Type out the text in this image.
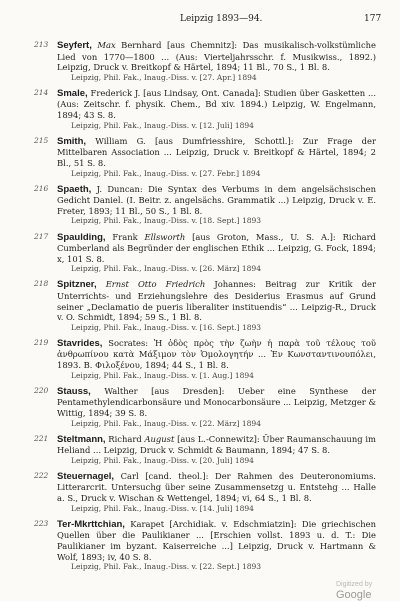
Leipzig 1893—94.	177
213 Seyfert, Max Bernhard [aus Chemnitz]: Das musikalisch-volkstümliche Lied von 1770—1800 ... (Aus: Vierteljahrsschr. f. Musikwiss., 1892.) Leipzig, Druck v. Breitkopf & Härtel, 1894; 11 Bl., 70 S., 1 Bl. 8.
Leipzig, Phil. Fak., Inaug.-Diss. v. [27. Apr.] 1894
214 Smale, Frederick J. [aus Lindsay, Ont. Canada]: Studien über Gasketten ... (Aus: Zeitschr. f. physik. Chem., Bd xiv. 1894.) Leipzig, W. Engelmann, 1894; 43 S. 8.
Leipzig, Phil. Fak., Inaug.-Diss. v. [12. Juli] 1894
215 Smith, William G. [aus Dumfriesshire, Schottl.]: Zur Frage der Mittelbaren Association ... Leipzig, Druck v. Breitkopf & Härtel, 1894; 2 Bl., 51 S. 8.
Leipzig, Phil. Fak., Inaug.-Diss. v. [27. Febr.] 1894
216 Spaeth, J. Duncan: Die Syntax des Verbums in dem angelsächsischen Gedicht Daniel. (I. Beitr. z. angelsächs. Grammatik ...) Leipzig, Druck v. E. Freter, 1893; 11 Bl., 50 S., 1 Bl. 8.
Leipzig, Phil. Fak., Inaug.-Diss. v. [18. Sept.] 1893
217 Spaulding, Frank Ellsworth [aus Groton, Mass., U. S. A.]: Richard Cumberland als Begründer der englischen Ethik ... Leipzig, G. Fock, 1894; x, 101 S. 8.
Leipzig, Phil. Fak., Inaug.-Diss. v. [26. März] 1894
218 Spitzner, Ernst Otto Friedrich Johannes: Beitrag zur Kritik der Unterrichts- und Erziehungslehre des Desiderius Erasmus auf Grund seiner „Declamatio de pueris liberaliter instituendis“ ... Leipzig-R., Druck v. O. Schmidt, 1894; 59 S., 1 Bl. 8.
Leipzig, Phil. Fak., Inaug.-Diss. v. [16. Sept.] 1893
219 Stavrides, Socrates: Ἡ ὁδὸς πρὸς τὴν ζωὴν ἡ παρὰ τοῦ τέλους τοῦ ἀνθρωπίνου κατὰ Μάξιμον τὸν Ὁμολογητήν ... Ἐν Κωνσταντινουπόλει, 1893. Β. Φιλοξένου, 1894; 44 S., 1 Bl. 8.
Leipzig, Phil. Fak., Inaug.-Diss. v. [1. Aug.] 1894
220 Stauss, Walther [aus Dresden]: Ueber eine Synthese der Pentamethylendicarbonsäure und Monocarbonsäure ... Leipzig, Metzger & Wittig, 1894; 39 S. 8.
Leipzig, Phil. Fak., Inaug.-Diss. v. [22. März] 1894
221 Steltmann, Richard August [aus L.-Connewitz]: Über Raumanschauung im Heliand ... Leipzig, Druck v. Schmidt & Baumann, 1894; 47 S. 8.
Leipzig, Phil. Fak., Inaug.-Diss. v. [20. Juli] 1894
222 Steuernagel, Carl [cand. theol.]: Der Rahmen des Deuteronomiums. Litterarcrit. Untersuchg über seine Zusammensetzg u. Entstehg ... Halle a. S., Druck v. Wischan & Wettengel, 1894; vi, 64 S., 1 Bl. 8.
Leipzig, Phil. Fak., Inaug.-Diss. v. [14. Juli] 1894
223 Ter-Mkrttchian, Karapet [Archidiak. v. Edschmiatzin]: Die griechischen Quellen über die Paulikianer ... [Erschien vollst. 1893 u. d. T.: Die Paulikianer im byzant. Kaiserreiche ...] Leipzig, Druck v. Hartmann & Wolf, 1893; iv, 40 S. 8.
Leipzig, Phil. Fak., Inaug.-Diss. v. [22. Sept.] 1893
Digitized by Google
